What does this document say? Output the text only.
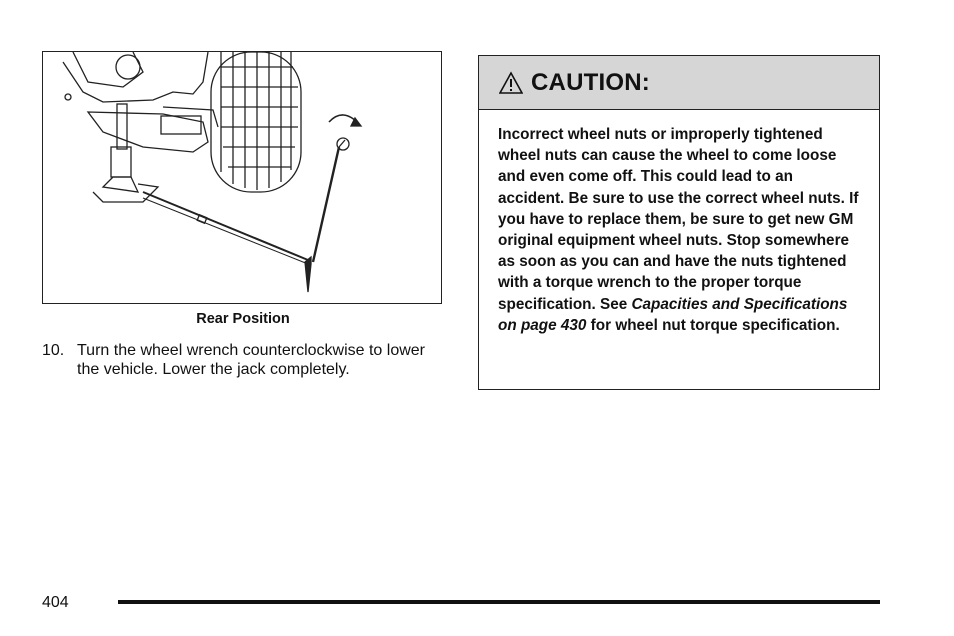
Rear Position
10. Turn the wheel wrench counterclockwise to lower the vehicle. Lower the jack completely.
CAUTION:
Incorrect wheel nuts or improperly tightened wheel nuts can cause the wheel to come loose and even come off. This could lead to an accident. Be sure to use the correct wheel nuts. If you have to replace them, be sure to get new GM original equipment wheel nuts. Stop somewhere as soon as you can and have the nuts tightened with a torque wrench to the proper torque specification. See Capacities and Specifications on page 430 for wheel nut torque specification.
404
